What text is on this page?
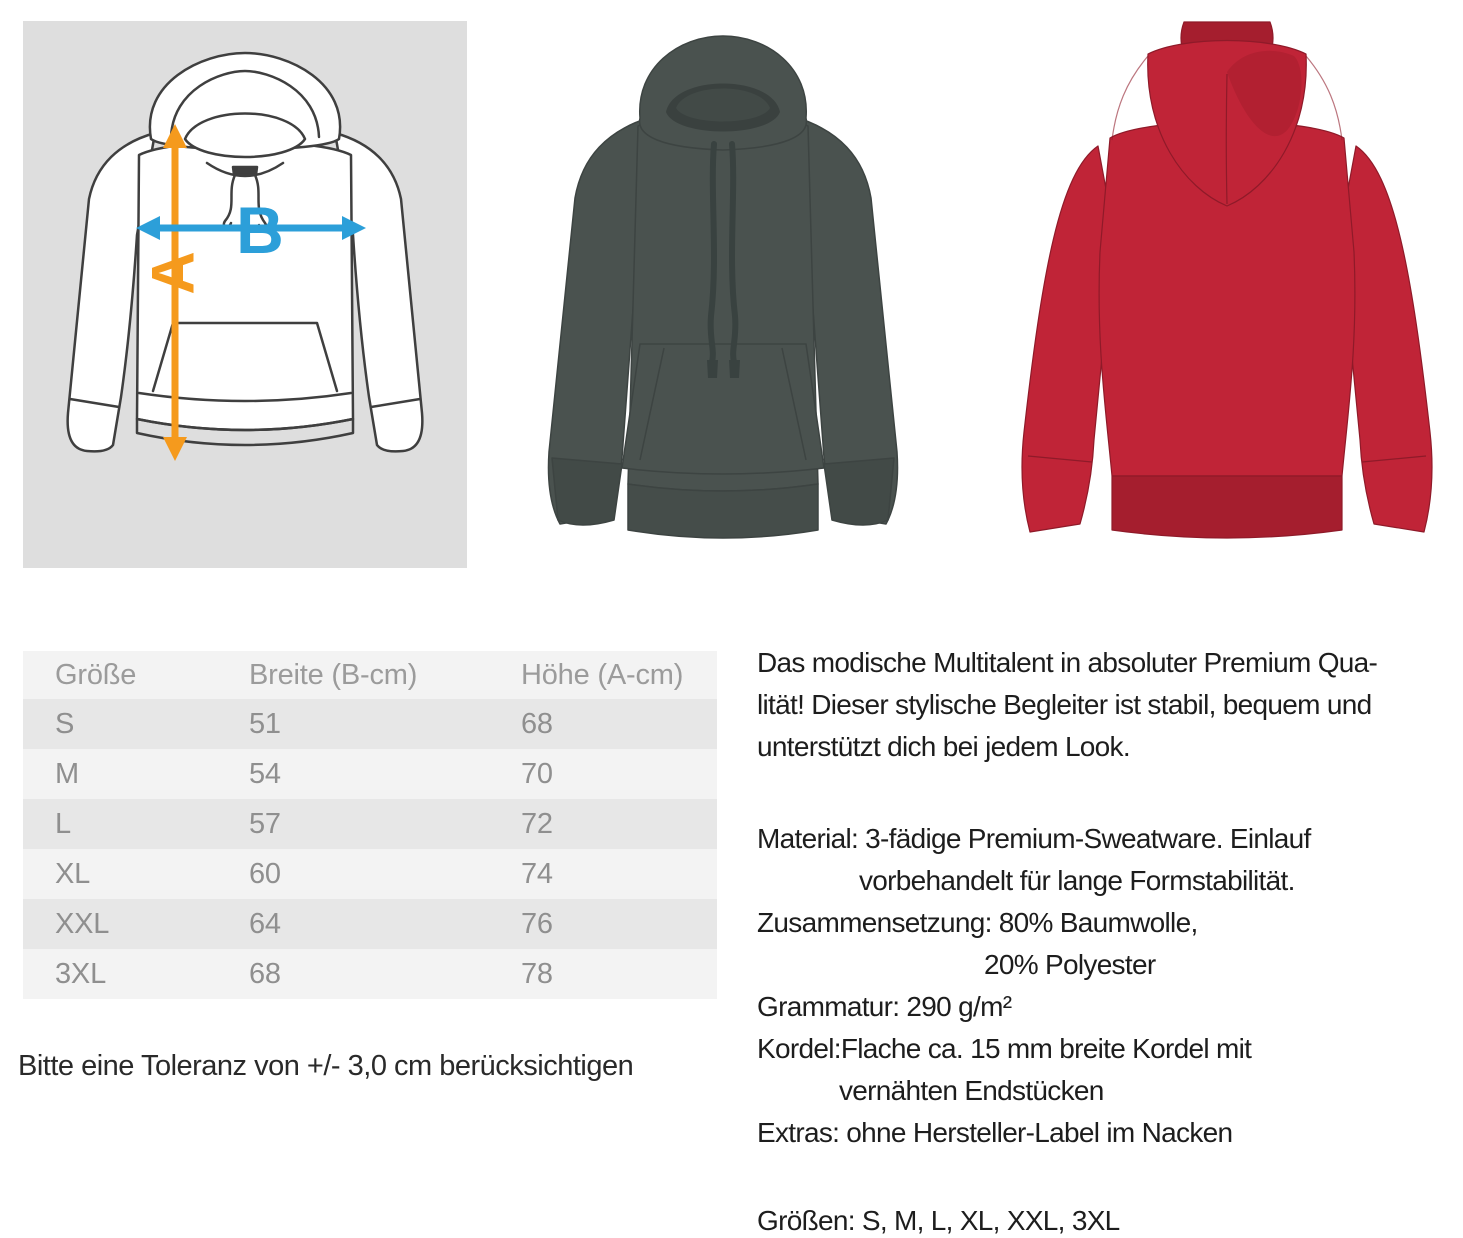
A
B
Größe	Breite (B-cm)	Höhe (A-cm)
S	51	68
M	54	70
L	57	72
XL	60	74
XXL	64	76
3XL	68	78
Bitte eine Toleranz von +/- 3,0 cm berücksichtigen
Das modische Multitalent in absoluter Premium Qua-
lität! Dieser stylische Begleiter ist stabil, bequem und
unterstützt dich bei jedem Look.
Material: 3-fädige Premium-Sweatware. Einlauf
vorbehandelt für lange Formstabilität.
Zusammensetzung: 80% Baumwolle,
20% Polyester
Grammatur: 290 g/m²
Kordel:Flache ca. 15 mm breite Kordel mit
vernähten Endstücken
Extras: ohne Hersteller-Label im Nacken
Größen: S, M, L, XL, XXL, 3XL
